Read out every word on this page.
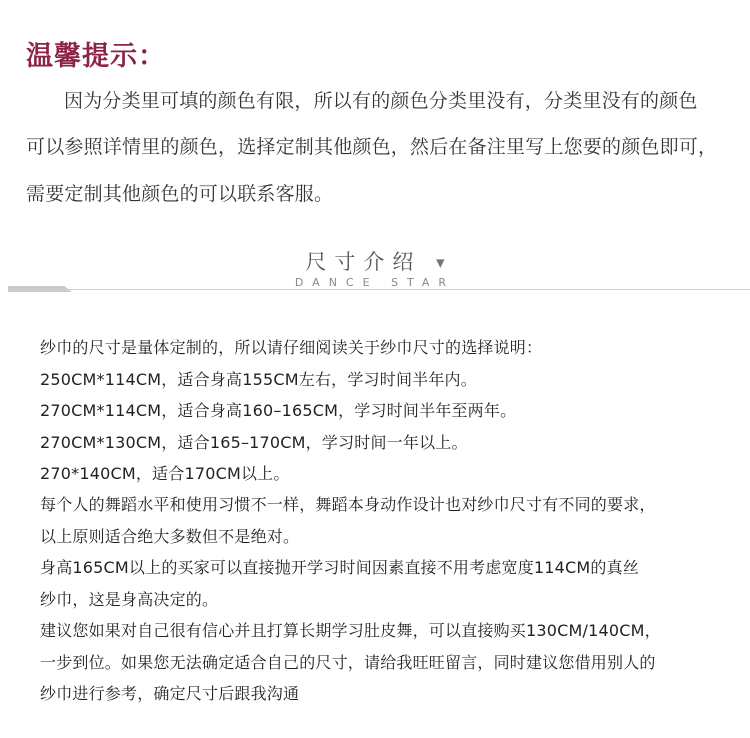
温馨提示：
因为分类里可填的颜色有限，所以有的颜色分类里没有，分类里没有的颜色
可以参照详情里的颜色，选择定制其他颜色，然后在备注里写上您要的颜色即可，
需要定制其他颜色的可以联系客服。
尺寸介绍 ▼
DANCE STAR
纱巾的尺寸是量体定制的，所以请仔细阅读关于纱巾尺寸的选择说明：
250CM*114CM，适合身高155CM左右，学习时间半年内。
270CM*114CM，适合身高160–165CM，学习时间半年至两年。
270CM*130CM，适合165–170CM，学习时间一年以上。
270*140CM，适合170CM以上。
每个人的舞蹈水平和使用习惯不一样，舞蹈本身动作设计也对纱巾尺寸有不同的要求，
以上原则适合绝大多数但不是绝对。
身高165CM以上的买家可以直接抛开学习时间因素直接不用考虑宽度114CM的真丝
纱巾，这是身高决定的。
建议您如果对自己很有信心并且打算长期学习肚皮舞，可以直接购买130CM/140CM，
一步到位。如果您无法确定适合自己的尺寸，请给我旺旺留言，同时建议您借用别人的
纱巾进行参考，确定尺寸后跟我沟通
